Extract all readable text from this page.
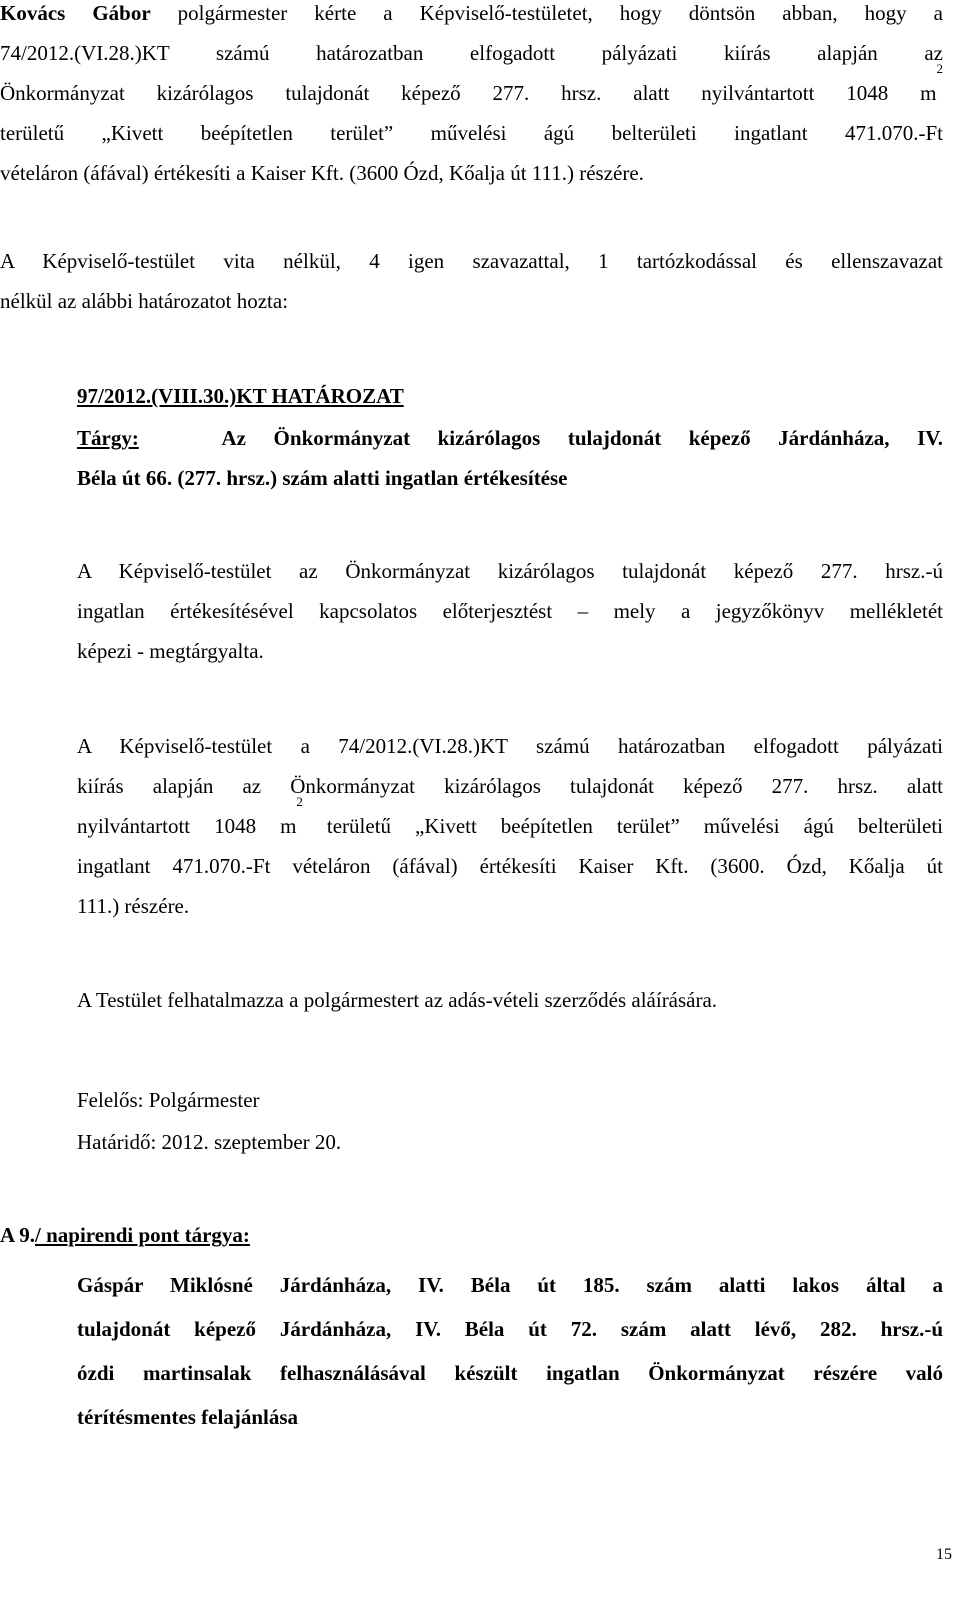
Kovács Gábor polgármester kérte a Képviselő-testületet, hogy döntsön abban, hogy a
74/2012.(VI.28.)KT számú határozatban elfogadott pályázati kiírás alapján az
Önkormányzat kizárólagos tulajdonát képező 277. hrsz. alatt nyilvántartott 1048 $m^2$
területű „Kivett beépítetlen terület” művelési ágú belterületi ingatlant 471.070.-Ft
vételáron (áfával) értékesíti a Kaiser Kft. (3600 Ózd, Kőalja út 111.) részére.
A Képviselő-testület vita nélkül, 4 igen szavazattal, 1 tartózkodással és ellenszavazat
nélkül az alábbi határozatot hozta:
97/2012.(VIII.30.)KT HATÁROZAT
Tárgy:	Az Önkormányzat kizárólagos tulajdonát képező Járdánháza, IV.
Béla út 66. (277. hrsz.) szám alatti ingatlan értékesítése
A Képviselő-testület az Önkormányzat kizárólagos tulajdonát képező 277. hrsz.-ú
ingatlan értékesítésével kapcsolatos előterjesztést – mely a jegyzőkönyv mellékletét
képezi - megtárgyalta.
A Képviselő-testület a 74/2012.(VI.28.)KT számú határozatban elfogadott pályázati
kiírás alapján az Önkormányzat kizárólagos tulajdonát képező 277. hrsz. alatt
nyilvántartott 1048 $m^2$ területű „Kivett beépítetlen terület” művelési ágú belterületi
ingatlant 471.070.-Ft vételáron (áfával) értékesíti Kaiser Kft. (3600. Ózd, Kőalja út
111.) részére.
A Testület felhatalmazza a polgármestert az adás-vételi szerződés aláírására.
Felelős: Polgármester
Határidő: 2012. szeptember 20.
A 9./ napirendi pont tárgya:
Gáspár Miklósné Járdánháza, IV. Béla út 185. szám alatti lakos által a
tulajdonát képező Járdánháza, IV. Béla út 72. szám alatt lévő, 282. hrsz.-ú
ózdi martinsalak felhasználásával készült ingatlan Önkormányzat részére való
térítésmentes felajánlása
15
